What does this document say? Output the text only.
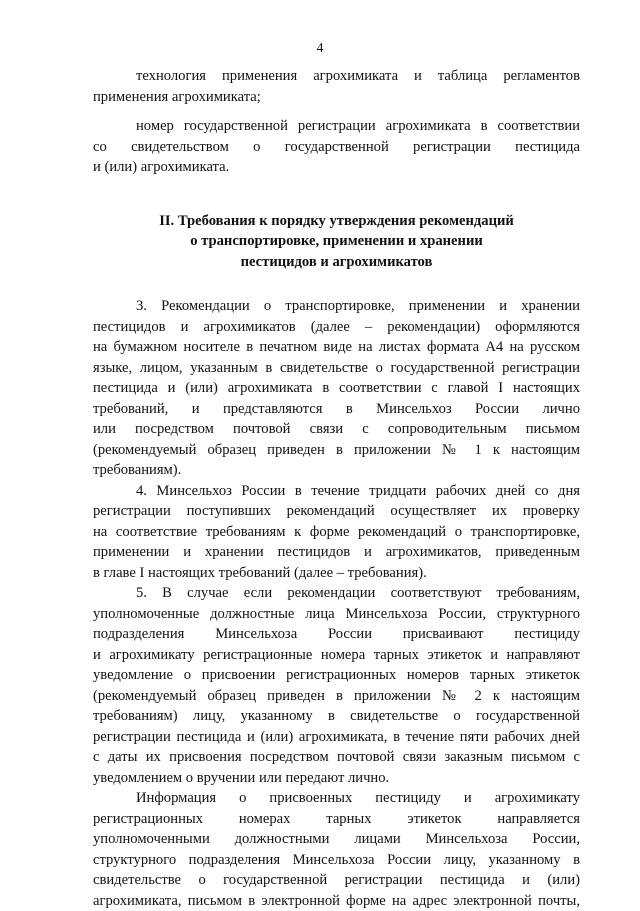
4

технология применения агрохимиката и таблица регламентов

применения агрохимиката;

номер государственной регистрации агрохимиката в соответствии

со свидетельством о государственной регистрации пестицида

и (или) агрохимиката.

II. Требования к порядку утверждения рекомендаций
о транспортировке, применении и хранении
пестицидов и агрохимикатов

3. Рекомендации о транспортировке, применении и хранении

пестицидов и агрохимикатов (далее – рекомендации) оформляются

на бумажном носителе в печатном виде на листах формата А4 на русском

языке, лицом, указанным в свидетельстве о государственной регистрации

пестицида и (или) агрохимиката в соответствии с главой I настоящих

требований, и представляются в Минсельхоз России лично

или посредством почтовой связи с сопроводительным письмом

(рекомендуемый образец приведен в приложении № 1 к настоящим

требованиям).

4. Минсельхоз России в течение тридцати рабочих дней со дня

регистрации поступивших рекомендаций осуществляет их проверку

на соответствие требованиям к форме рекомендаций о транспортировке,

применении и хранении пестицидов и агрохимикатов, приведенным

в главе I настоящих требований (далее – требования).

5. В случае если рекомендации соответствуют требованиям,

уполномоченные должностные лица Минсельхоза России, структурного

подразделения Минсельхоза России присваивают пестициду

и агрохимикату регистрационные номера тарных этикеток и направляют

уведомление о присвоении регистрационных номеров тарных этикеток

(рекомендуемый образец приведен в приложении № 2 к настоящим

требованиям) лицу, указанному в свидетельстве о государственной

регистрации пестицида и (или) агрохимиката, в течение пяти рабочих дней

с даты их присвоения посредством почтовой связи заказным письмом с

уведомлением о вручении или передают лично.

Информация о присвоенных пестициду и агрохимикату

регистрационных номерах тарных этикеток направляется

уполномоченными должностными лицами Минсельхоза России,

структурного подразделения Минсельхоза России лицу, указанному в

свидетельстве о государственной регистрации пестицида и (или)

агрохимиката, письмом в электронной форме на адрес электронной почты,
